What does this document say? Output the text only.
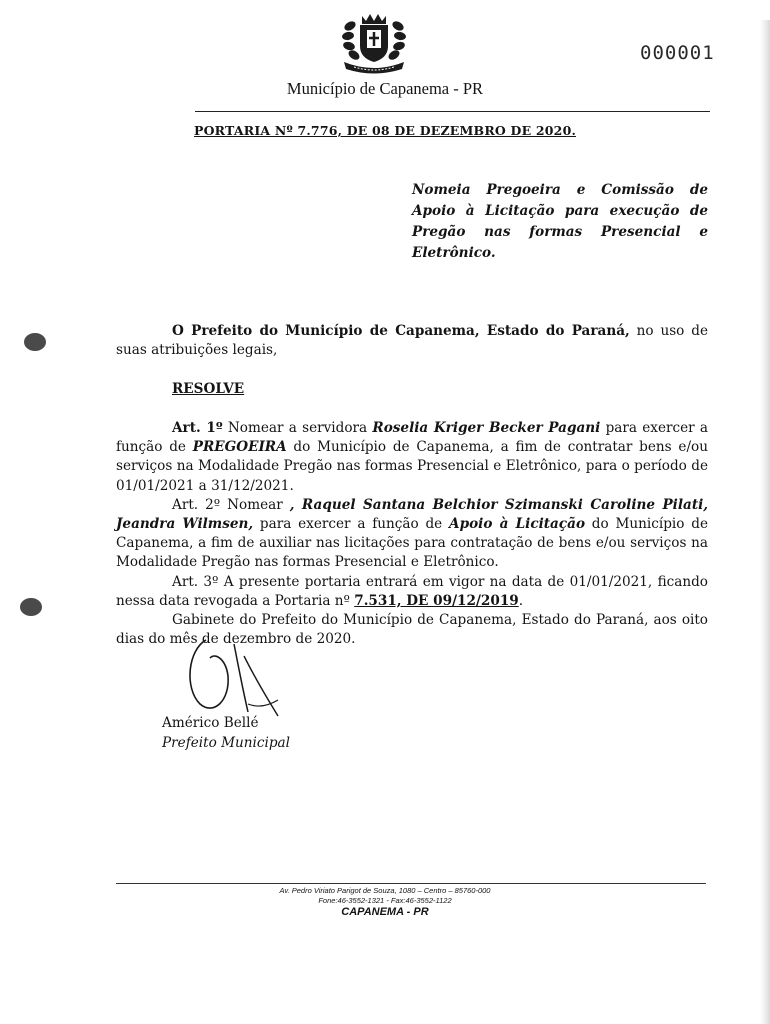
000001
Município de Capanema - PR
PORTARIA Nº 7.776, DE 08 DE DEZEMBRO DE 2020.
Nomeia Pregoeira e Comissão de Apoio à Licitação para execução de Pregão nas formas Presencial e Eletrônico.
O Prefeito do Município de Capanema, Estado do Paraná, no uso de suas atribuições legais,
RESOLVE
Art. 1º Nomear a servidora Roselia Kriger Becker Pagani para exercer a função de PREGOEIRA do Município de Capanema, a fim de contratar bens e/ou serviços na Modalidade Pregão nas formas Presencial e Eletrônico, para o período de 01/01/2021 a 31/12/2021.
Art. 2º Nomear , Raquel Santana Belchior Szimanski Caroline Pilati, Jeandra Wilmsen, para exercer a função de Apoio à Licitação do Município de Capanema, a fim de auxiliar nas licitações para contratação de bens e/ou serviços na Modalidade Pregão nas formas Presencial e Eletrônico.
Art. 3º A presente portaria entrará em vigor na data de 01/01/2021, ficando nessa data revogada a Portaria nº 7.531, DE 09/12/2019.
Gabinete do Prefeito do Município de Capanema, Estado do Paraná, aos oito dias do mês de dezembro de 2020.
Américo Bellé
Prefeito Municipal
Av. Pedro Viriato Parigot de Souza, 1080 – Centro – 85760-000
Fone:46-3552-1321 - Fax:46-3552-1122
CAPANEMA - PR
